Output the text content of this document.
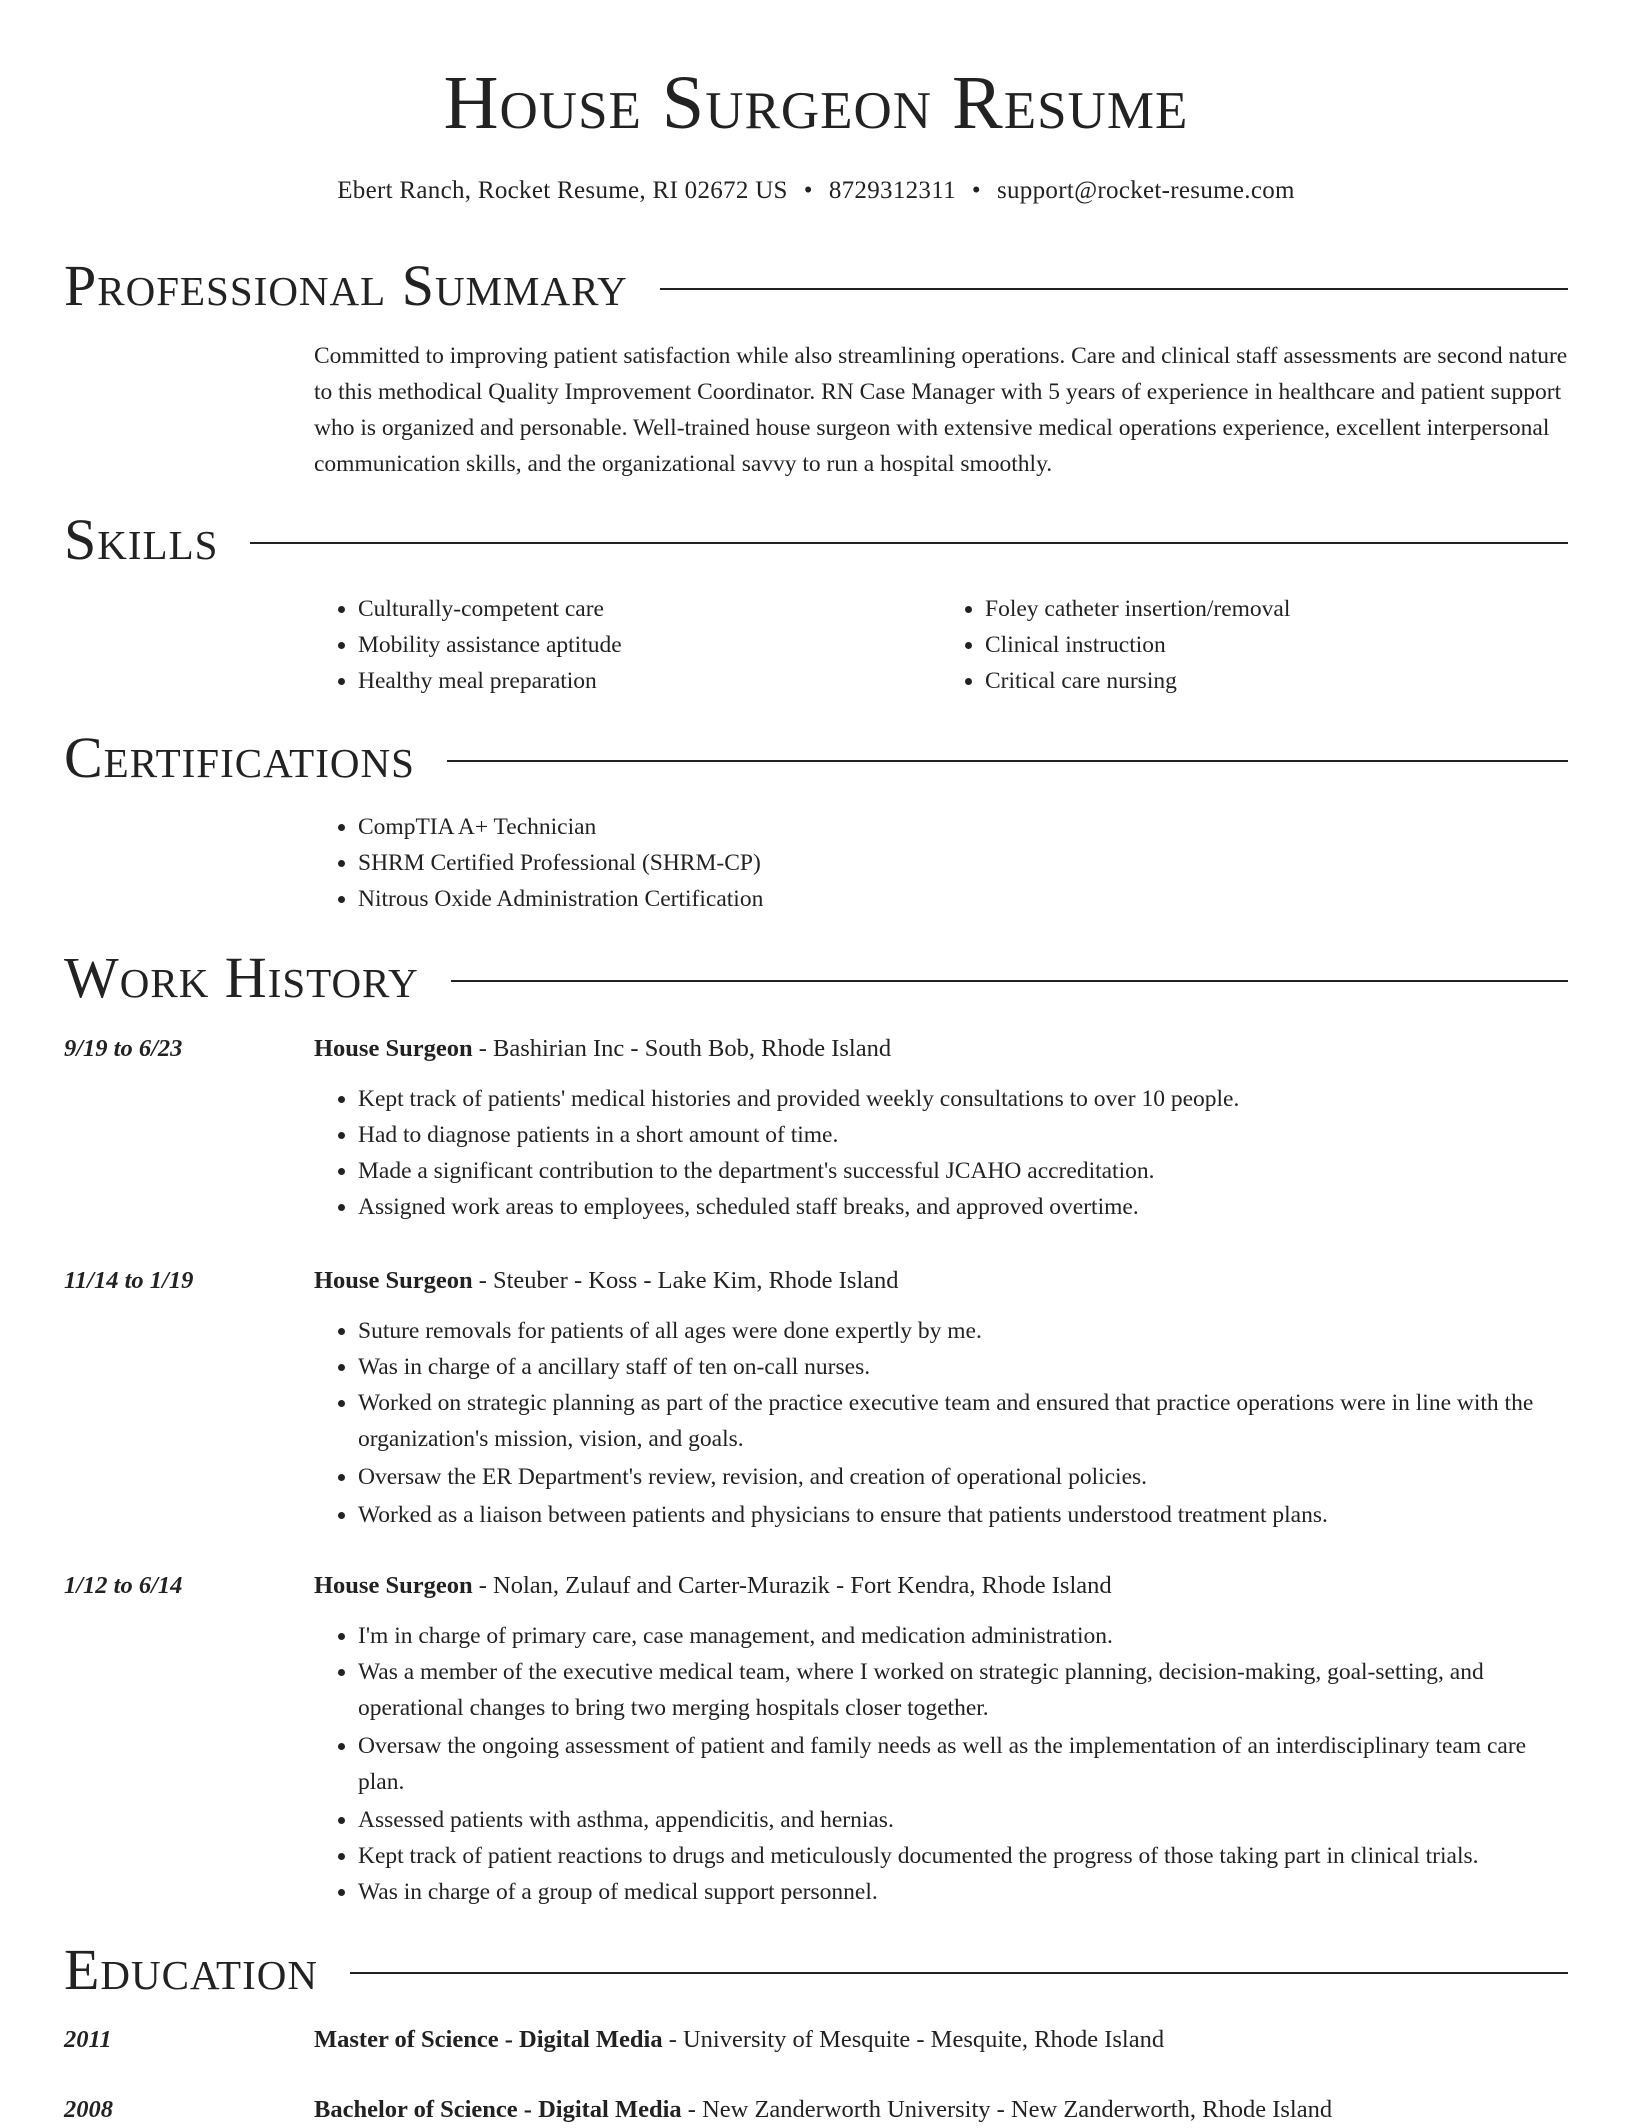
House Surgeon Resume
Ebert Ranch, Rocket Resume, RI 02672 US • 8729312311 • support@rocket-resume.com
Professional Summary

Committed to improving patient satisfaction while also streamlining operations. Care and clinical staff assessments are second nature to this methodical Quality Improvement Coordinator. RN Case Manager with 5 years of experience in healthcare and patient support who is organized and personable. Well-trained house surgeon with extensive medical operations experience, excellent interpersonal communication skills, and the organizational savvy to run a hospital smoothly.

Skills
• Culturally-competent care
• Mobility assistance aptitude
• Healthy meal preparation
• Foley catheter insertion/removal
• Clinical instruction
• Critical care nursing
Certifications
• CompTIA A+ Technician
• SHRM Certified Professional (SHRM-CP)
• Nitrous Oxide Administration Certification
Work History
9/19 to 6/23	House Surgeon - Bashirian Inc - South Bob, Rhode Island
• Kept track of patients' medical histories and provided weekly consultations to over 10 people.
• Had to diagnose patients in a short amount of time.
• Made a significant contribution to the department's successful JCAHO accreditation.
• Assigned work areas to employees, scheduled staff breaks, and approved overtime.
11/14 to 1/19	House Surgeon - Steuber - Koss - Lake Kim, Rhode Island
• Suture removals for patients of all ages were done expertly by me.
• Was in charge of a ancillary staff of ten on-call nurses.
• Worked on strategic planning as part of the practice executive team and ensured that practice operations were in line with the organization's mission, vision, and goals.
• Oversaw the ER Department's review, revision, and creation of operational policies.
• Worked as a liaison between patients and physicians to ensure that patients understood treatment plans.
1/12 to 6/14	House Surgeon - Nolan, Zulauf and Carter-Murazik - Fort Kendra, Rhode Island
• I'm in charge of primary care, case management, and medication administration.
• Was a member of the executive medical team, where I worked on strategic planning, decision-making, goal-setting, and operational changes to bring two merging hospitals closer together.
• Oversaw the ongoing assessment of patient and family needs as well as the implementation of an interdisciplinary team care plan.
• Assessed patients with asthma, appendicitis, and hernias.
• Kept track of patient reactions to drugs and meticulously documented the progress of those taking part in clinical trials.
• Was in charge of a group of medical support personnel.
Education
2011	Master of Science - Digital Media - University of Mesquite - Mesquite, Rhode Island
2008	Bachelor of Science - Digital Media - New Zanderworth University - New Zanderworth, Rhode Island
